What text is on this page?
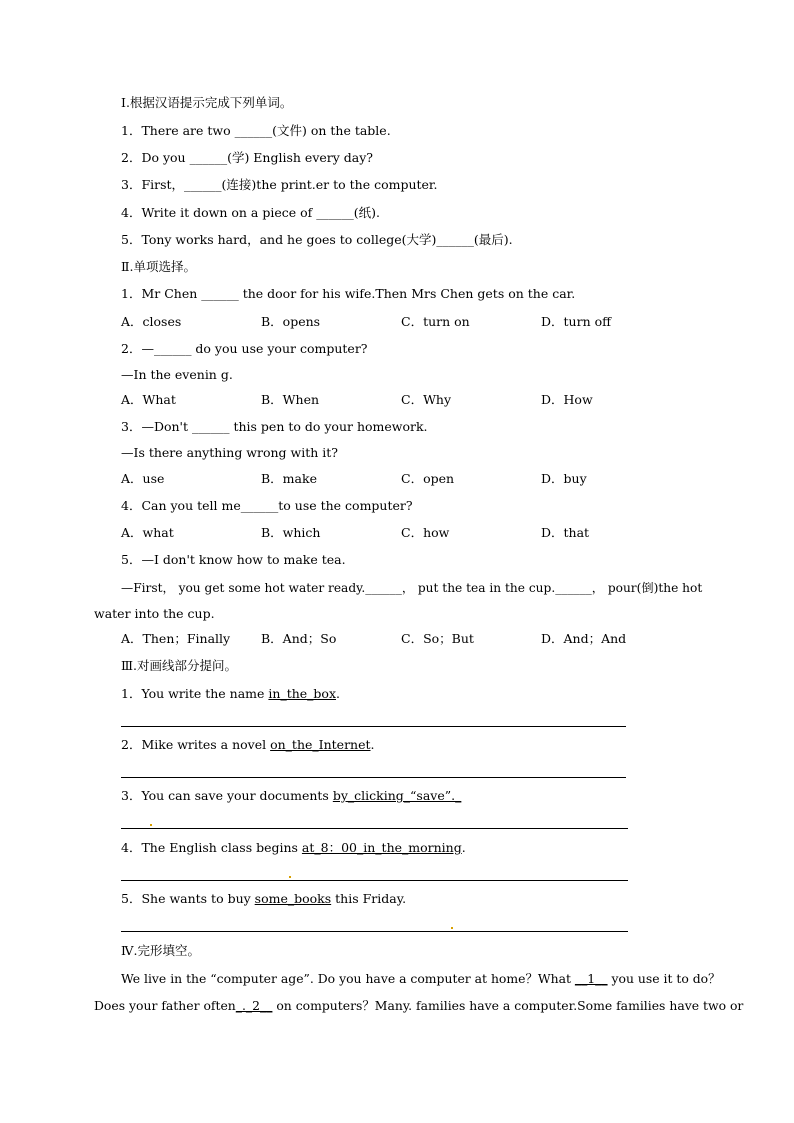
Ⅰ.根据汉语提示完成下列单词。
1．There are two ______(文件) on the table.
2．Do you ______(学) English every day?
3．First，______(连接)the print.er to the computer.
4．Write it down on a piece of ______(纸).
5．Tony works hard，and he goes to college(大学)______(最后).
Ⅱ.单项选择。
1．Mr Chen ______ the door for his wife.Then Mrs Chen gets on the car.
A．closes	B．opens	C．turn on	D．turn off
2．—______ do you use your computer?
—In the evenin g.
A．What	B．When	C．Why	D．How
3．—Don't ______ this pen to do your homework.
—Is there anything wrong with it?
A．use	B．make	C．open	D．buy
4．Can you tell me______to use the computer?
A．what	B．which	C．how	D．that
5．—I don't know how to make tea.
—First， you get some hot water ready.______， put the tea in the cup.______， pour(倒)the hot
water into the cup.
A．Then；Finally B．And；So	C．So；But	D．And；And
Ⅲ.对画线部分提问。
1．You write the name in_the_box.
2．Mike writes a novel on_the_Internet.
3．You can save your documents by_clicking_“save”._
4．The English class begins at_8：00_in_the_morning.
5．She wants to buy some_books this Friday.
Ⅳ.完形填空。
We live in the “computer age”. Do you have a computer at home？What __1__ you use it to do？
Does your father often_._2__ on computers？Many. families have a computer.Some families have two or
